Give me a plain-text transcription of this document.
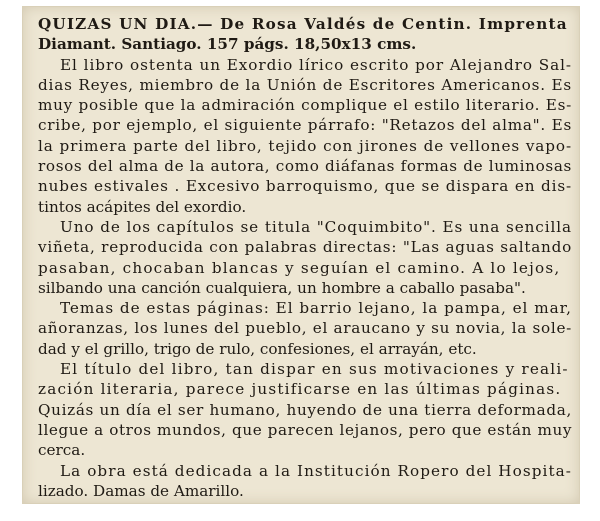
QUIZAS UN DIA.— De Rosa Valdés de Centin. Imprenta
Diamant. Santiago. 157 págs. 18,50x13 cms.
El libro ostenta un Exordio lírico escrito por Alejandro Sal-
dias Reyes, miembro de la Unión de Escritores Americanos. Es
muy posible que la admiración complique el estilo literario. Es-
cribe, por ejemplo, el siguiente párrafo: "Retazos del alma". Es
la primera parte del libro, tejido con jirones de vellones vapo-
rosos del alma de la autora, como diáfanas formas de luminosas
nubes estivales . Excesivo barroquismo, que se dispara en dis-
tintos acápites del exordio.
Uno de los capítulos se titula "Coquimbito". Es una sencilla
viñeta, reproducida con palabras directas: "Las aguas saltando
pasaban, chocaban blancas y seguían el camino. A lo lejos,
silbando una canción cualquiera, un hombre a caballo pasaba".
Temas de estas páginas: El barrio lejano, la pampa, el mar,
añoranzas, los lunes del pueblo, el araucano y su novia, la sole-
dad y el grillo, trigo de rulo, confesiones, el arrayán, etc.
El título del libro, tan dispar en sus motivaciones y reali-
zación literaria, parece justificarse en las últimas páginas.
Quizás un día el ser humano, huyendo de una tierra deformada,
llegue a otros mundos, que parecen lejanos, pero que están muy
cerca.
La obra está dedicada a la Institución Ropero del Hospita-
lizado. Damas de Amarillo.
